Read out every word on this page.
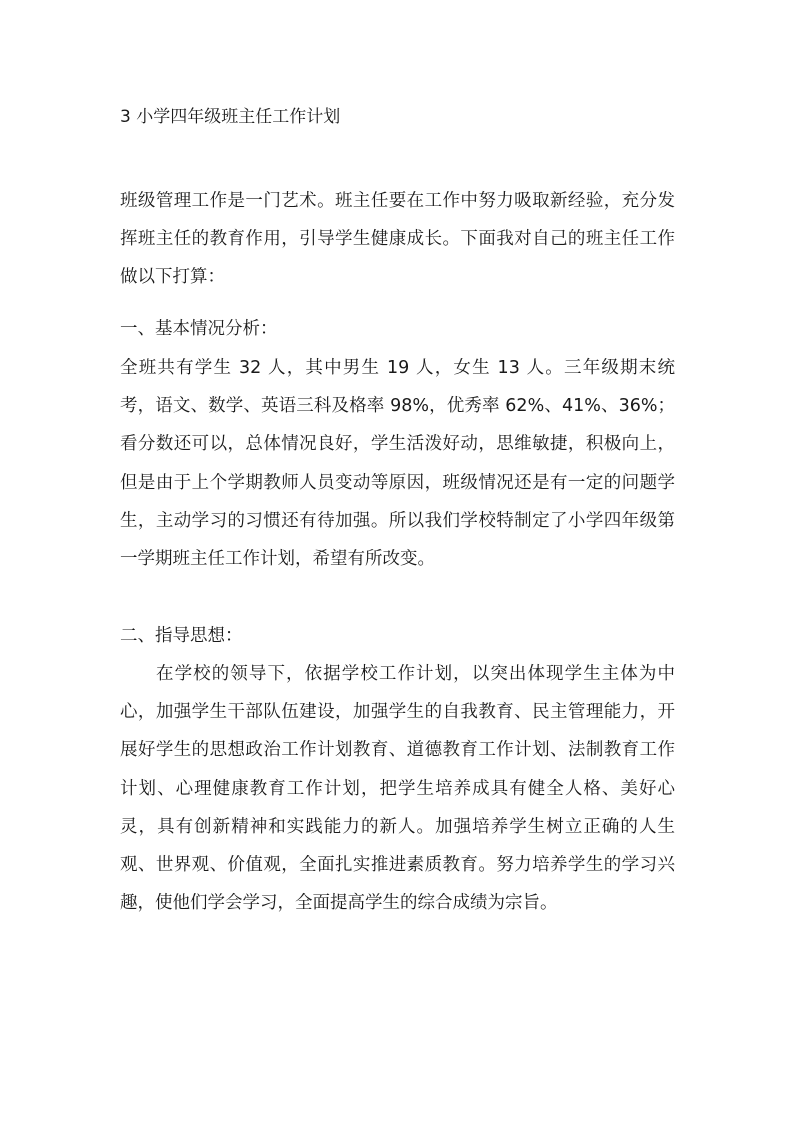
3 小学四年级班主任工作计划

班级管理工作是一门艺术。班主任要在工作中努力吸取新经验，充分发挥班主任的教育作用，引导学生健康成长。下面我对自己的班主任工作做以下打算：

一、基本情况分析：

全班共有学生 32 人，其中男生 19 人，女生 13 人。三年级期末统考，语文、数学、英语三科及格率 98%，优秀率 62%、41%、36%；看分数还可以，总体情况良好，学生活泼好动，思维敏捷，积极向上，但是由于上个学期教师人员变动等原因，班级情况还是有一定的问题学生，主动学习的习惯还有待加强。所以我们学校特制定了小学四年级第一学期班主任工作计划，希望有所改变。

二、指导思想：

在学校的领导下，依据学校工作计划，以突出体现学生主体为中心，加强学生干部队伍建设，加强学生的自我教育、民主管理能力，开展好学生的思想政治工作计划教育、道德教育工作计划、法制教育工作计划、心理健康教育工作计划，把学生培养成具有健全人格、美好心灵，具有创新精神和实践能力的新人。加强培养学生树立正确的人生观、世界观、价值观，全面扎实推进素质教育。努力培养学生的学习兴趣，使他们学会学习，全面提高学生的综合成绩为宗旨。
